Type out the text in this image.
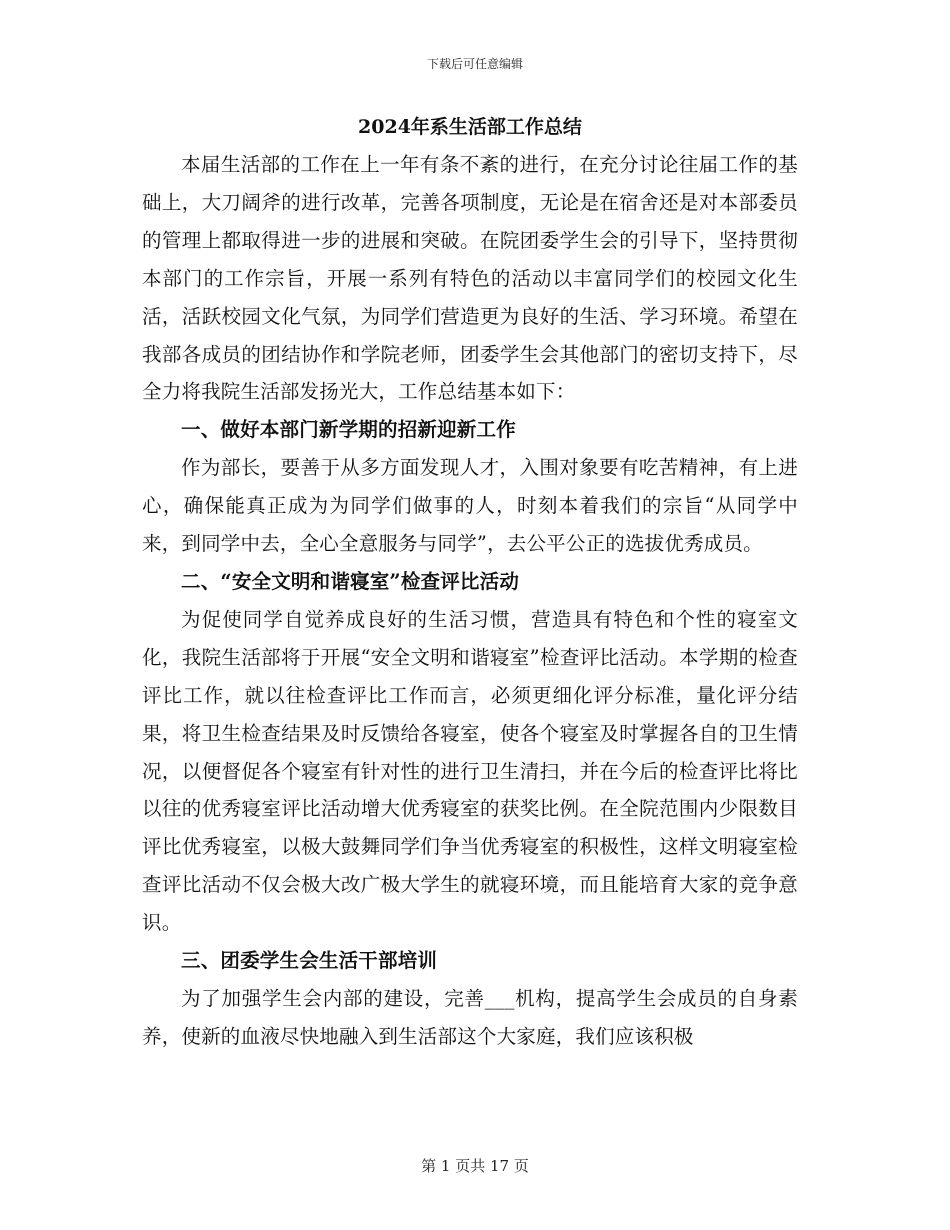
下载后可任意编辑

2024年系生活部工作总结

本届生活部的工作在上一年有条不紊的进行，在充分讨论往届工作的基础上，大刀阔斧的进行改革，完善各项制度，无论是在宿舍还是对本部委员的管理上都取得进一步的进展和突破。在院团委学生会的引导下，坚持贯彻本部门的工作宗旨，开展一系列有特色的活动以丰富同学们的校园文化生活，活跃校园文化气氛，为同学们营造更为良好的生活、学习环境。希望在我部各成员的团结协作和学院老师，团委学生会其他部门的密切支持下，尽全力将我院生活部发扬光大，工作总结基本如下：

一、做好本部门新学期的招新迎新工作

作为部长，要善于从多方面发现人才，入围对象要有吃苦精神，有上进心，确保能真正成为为同学们做事的人，时刻本着我们的宗旨“从同学中来，到同学中去，全心全意服务与同学”，去公平公正的选拔优秀成员。

二、“安全文明和谐寝室”检查评比活动

为促使同学自觉养成良好的生活习惯，营造具有特色和个性的寝室文化，我院生活部将于开展“安全文明和谐寝室”检查评比活动。本学期的检查评比工作，就以往检查评比工作而言，必须更细化评分标准，量化评分结果，将卫生检查结果及时反馈给各寝室，使各个寝室及时掌握各自的卫生情况，以便督促各个寝室有针对性的进行卫生清扫，并在今后的检查评比将比以往的优秀寝室评比活动增大优秀寝室的获奖比例。在全院范围内少限数目评比优秀寝室，以极大鼓舞同学们争当优秀寝室的积极性，这样文明寝室检查评比活动不仅会极大改广极大学生的就寝环境，而且能培育大家的竞争意识。

三、团委学生会生活干部培训

为了加强学生会内部的建设，完善___机构，提高学生会成员的自身素养，使新的血液尽快地融入到生活部这个大家庭，我们应该积极

第 1 页共 17 页
